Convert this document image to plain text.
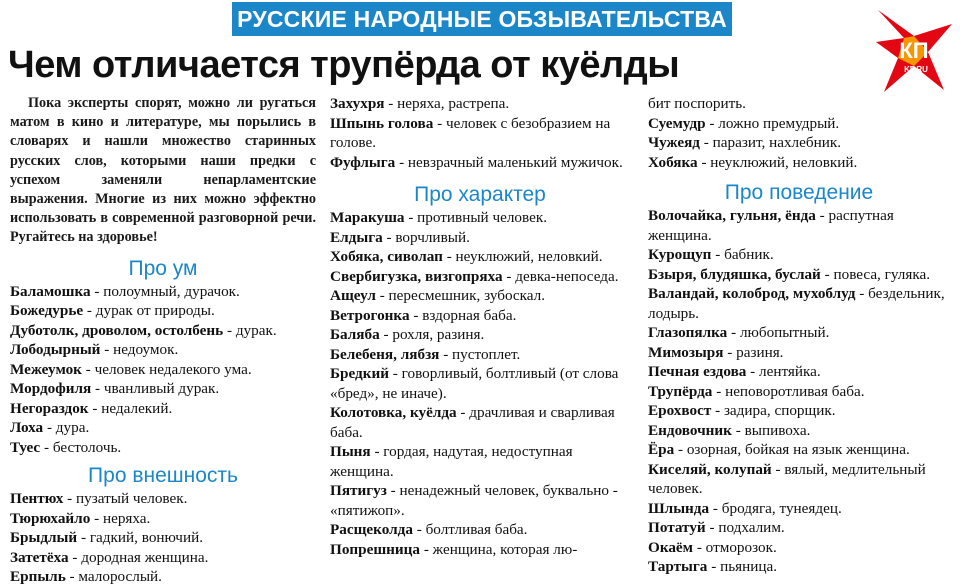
РУССКИЕ НАРОДНЫЕ ОБЗЫВАТЕЛЬСТВА
Чем отличается трупёрда от куёлды	КП
KP.RU

Пока эксперты спорят, можно ли ругаться матом в кино и литературе, мы порылись в словарях и нашли множество старинных русских слов, которыми наши предки с успехом заменяли непарламентские выражения. Многие из них можно эффектно использовать в современной разговорной речи. Ругайтесь на здоровье!

Про ум

Баламошка - полоумный, дурачок.

Божедурье - дурак от природы.

Дуботолк, дроволом, остолбень - дурак.

Лободырный - недоумок.

Межеумок - человек недалекого ума.

Мордофиля - чванливый дурак.

Негораздок - недалекий.

Лоха - дура.

Туес - бестолочь.

Про внешность

Пентюх - пузатый человек.

Тюрюхайло - неряха.

Брыдлый - гадкий, вонючий.

Затетёха - дородная женщина.

Ерпыль - малорослый.

Захухря - неряха, растрепа.

Шпынь голова - человек с безобразием на голове.

Фуфлыга - невзрачный маленький мужичок.

Про характер

Маракуша - противный человек.

Елдыга - ворчливый.

Хобяка, сиволап - неуклюжий, неловкий.

Свербигузка, визгопряха - девка-непоседа.

Ащеул - пересмешник, зубоскал.

Ветрогонка - вздорная баба.

Баляба - рохля, разиня.

Белебеня, лябзя - пустоплет.

Бредкий - говорливый, болтливый (от слова «бред», не иначе).

Колотовка, куёлда - драчливая и сварливая баба.

Пыня - гордая, надутая, недоступная женщина.

Пятигуз - ненадежный человек, буквально - «пятижоп».

Расщеколда - болтливая баба.

Попрешница - женщина, которая лю-

бит поспорить.

Суемудр - ложно премудрый.

Чужеяд - паразит, нахлебник.

Хобяка - неуклюжий, неловкий.

Про поведение

Волочайка, гульня, ёнда - распутная женщина.

Курощуп - бабник.

Бзыря, блудяшка, буслай - повеса, гуляка.

Валандай, колоброд, мухоблуд - бездельник, лодырь.

Глазопялка - любопытный.

Мимозыря - разиня.

Печная ездова - лентяйка.

Трупёрда - неповоротливая баба.

Ерохвост - задира, спорщик.

Ендовочник - выпивоха.

Ёра - озорная, бойкая на язык женщина.

Киселяй, колупай - вялый, медлительный человек.

Шлында - бродяга, тунеядец.

Потатуй - подхалим.

Окаём - отморозок.

Тартыга - пьяница.
